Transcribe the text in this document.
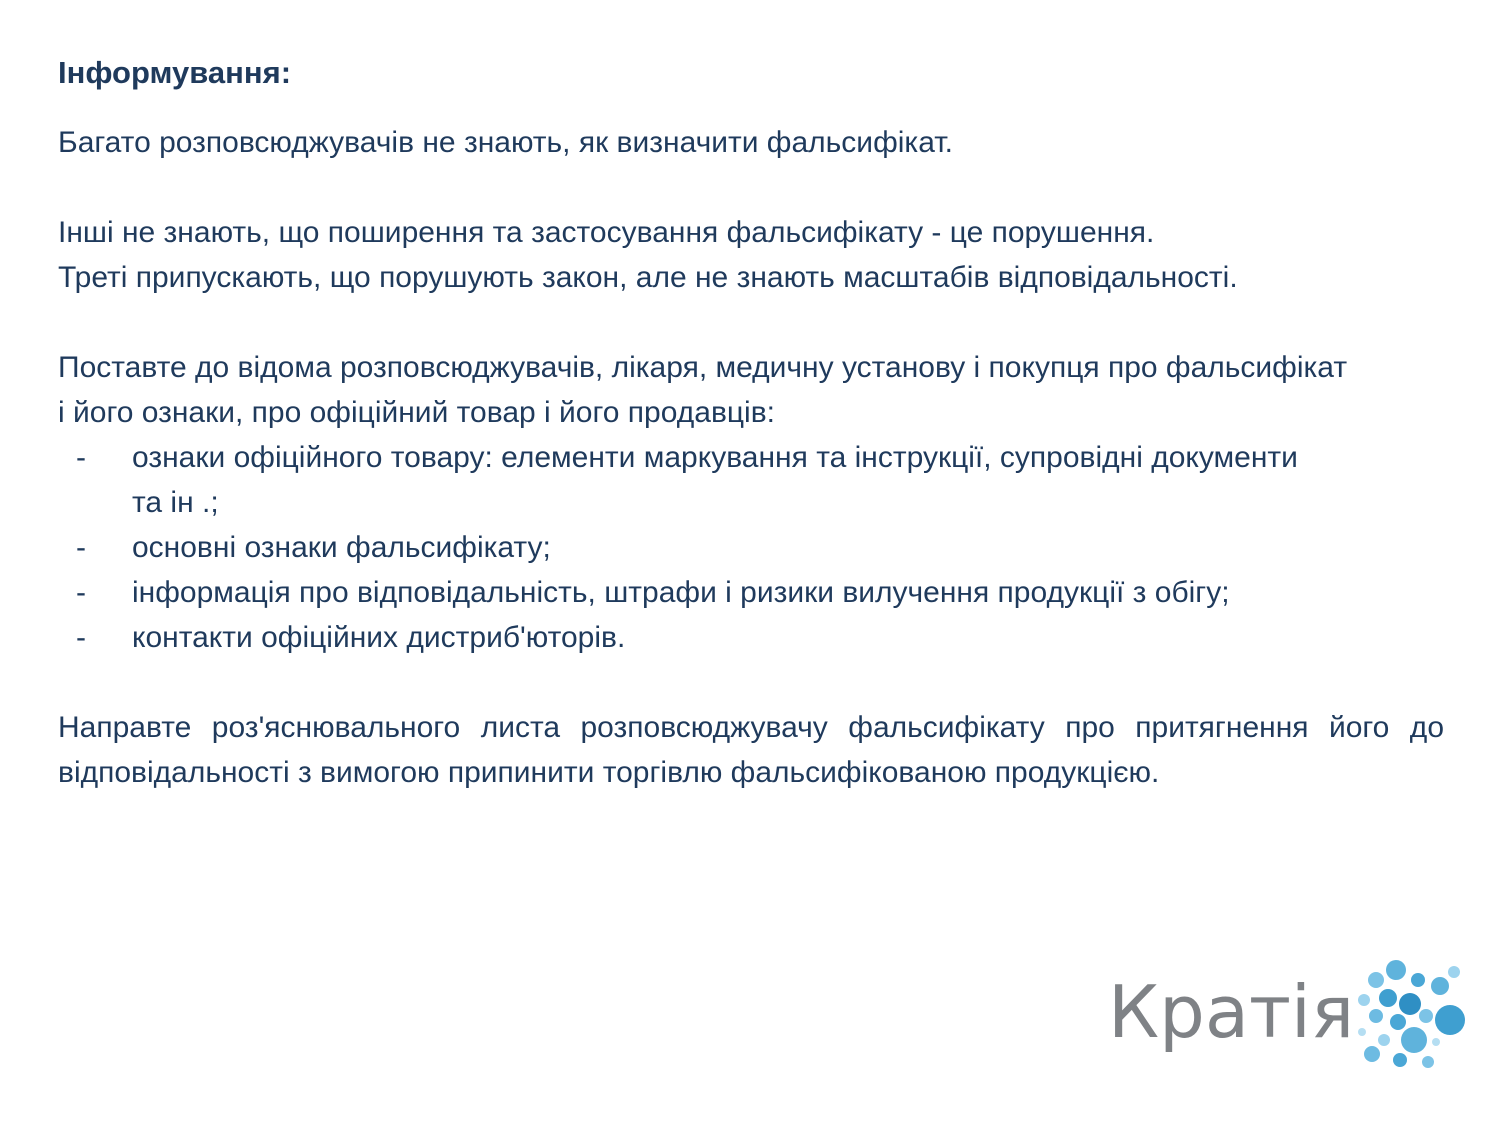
Інформування:

Багато розповсюджувачів не знають, як визначити фальсифікат.

Інші не знають, що поширення та застосування фальсифікату - це порушення.

Треті припускають, що порушують закон, але не знають масштабів відповідальності.

Поставте до відома розповсюджувачів, лікаря, медичну установу і покупця про фальсифікат і його ознаки, про офіційний товар і його продавців:

-	ознаки офіційного товару: елементи маркування та інструкції, супровідні документи та ін .;
-	основні ознаки фальсифікату;
-	інформація про відповідальність, штрафи і ризики вилучення продукції з обігу;
-	контакти офіційних дистриб'юторів.

Направте роз'яснювального листа розповсюджувачу фальсифікату про притягнення його до відповідальності з вимогою припинити торгівлю фальсифікованою продукцією.

Кратія
